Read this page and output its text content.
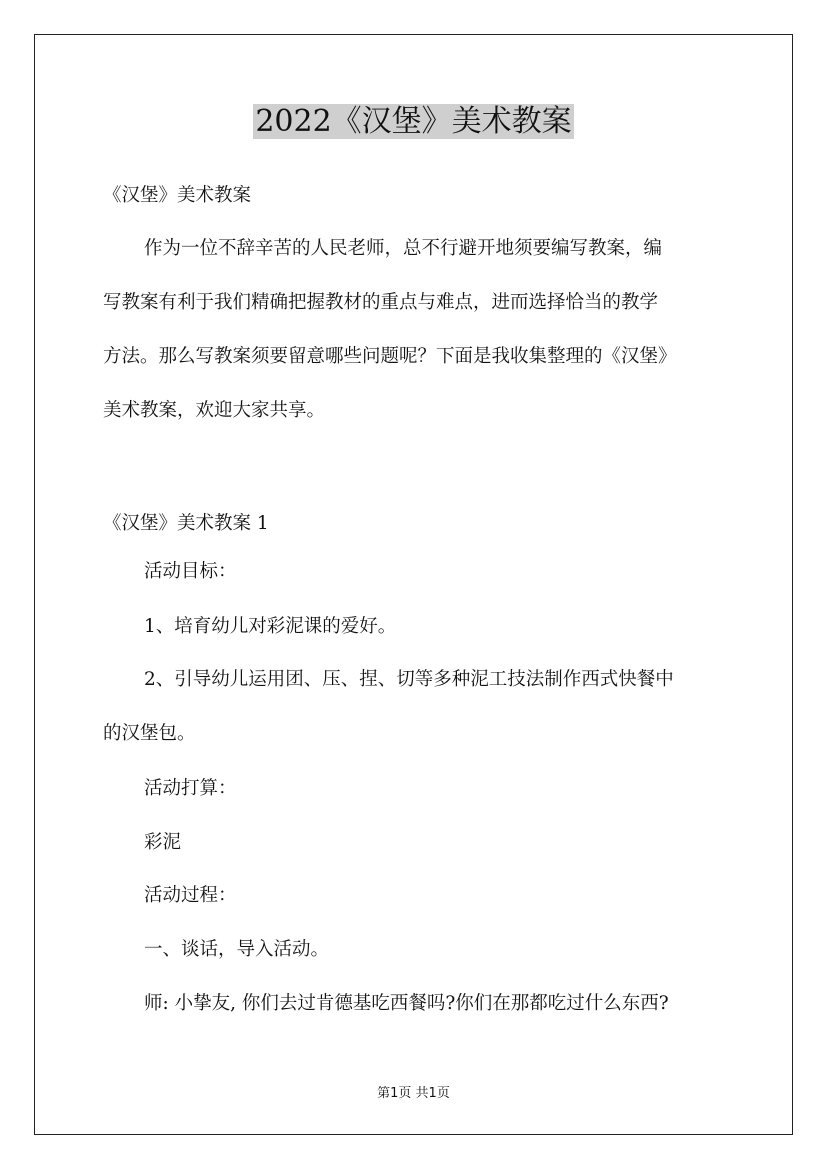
2022《汉堡》美术教案
《汉堡》美术教案
作为一位不辞辛苦的人民老师，总不行避开地须要编写教案，编
写教案有利于我们精确把握教材的重点与难点，进而选择恰当的教学
方法。那么写教案须要留意哪些问题呢？下面是我收集整理的《汉堡》
美术教案，欢迎大家共享。
《汉堡》美术教案 1
活动目标：
1、培育幼儿对彩泥课的爱好。
2、引导幼儿运用团、压、捏、切等多种泥工技法制作西式快餐中
的汉堡包。
活动打算：
彩泥
活动过程：
一、谈话，导入活动。
师: 小挚友, 你们去过肯德基吃西餐吗?你们在那都吃过什么东西?
第1页 共1页
